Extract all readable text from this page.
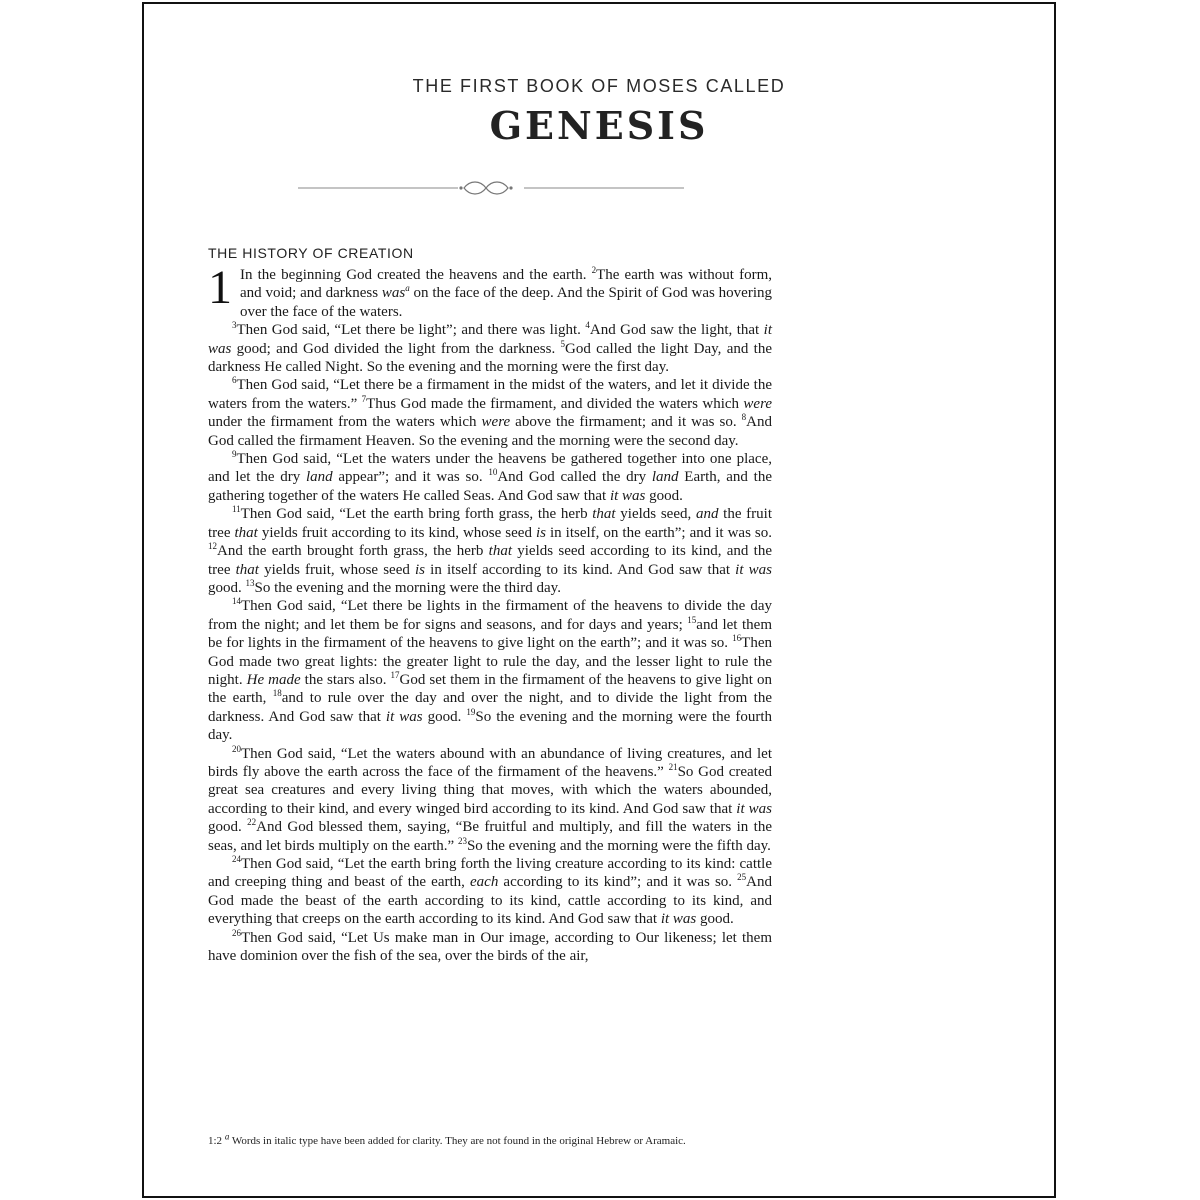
THE FIRST BOOK OF MOSES CALLED
GENESIS
THE HISTORY OF CREATION

1 In the beginning God created the heavens and the earth. $^2$The earth was without form, and void; and darkness was$^a$ on the face of the deep. And the Spirit of God was hovering over the face of the waters.

$^3$Then God said, “Let there be light”; and there was light. $^4$And God saw the light, that it was good; and God divided the light from the darkness. $^5$God called the light Day, and the darkness He called Night. So the evening and the morning were the first day.

$^6$Then God said, “Let there be a firmament in the midst of the waters, and let it divide the waters from the waters.” $^7$Thus God made the firmament, and divided the waters which were under the firmament from the waters which were above the firmament; and it was so. $^8$And God called the firmament Heaven. So the evening and the morning were the second day.

$^9$Then God said, “Let the waters under the heavens be gathered together into one place, and let the dry land appear”; and it was so. $^{10}$And God called the dry land Earth, and the gathering together of the waters He called Seas. And God saw that it was good.

$^{11}$Then God said, “Let the earth bring forth grass, the herb that yields seed, and the fruit tree that yields fruit according to its kind, whose seed is in itself, on the earth”; and it was so. $^{12}$And the earth brought forth grass, the herb that yields seed according to its kind, and the tree that yields fruit, whose seed is in itself according to its kind. And God saw that it was good. $^{13}$So the evening and the morning were the third day.

$^{14}$Then God said, “Let there be lights in the firmament of the heavens to divide the day from the night; and let them be for signs and seasons, and for days and years; $^{15}$and let them be for lights in the firmament of the heavens to give light on the earth”; and it was so. $^{16}$Then God made two great lights: the greater light to rule the day, and the lesser light to rule the night. He made the stars also. $^{17}$God set them in the firmament of the heavens to give light on the earth, $^{18}$and to rule over the day and over the night, and to divide the light from the darkness. And God saw that it was good. $^{19}$So the evening and the morning were the fourth day.

$^{20}$Then God said, “Let the waters abound with an abundance of living creatures, and let birds fly above the earth across the face of the firmament of the heavens.” $^{21}$So God created great sea creatures and every living thing that moves, with which the waters abounded, according to their kind, and every winged bird according to its kind. And God saw that it was good. $^{22}$And God blessed them, saying, “Be fruitful and multiply, and fill the waters in the seas, and let birds multiply on the earth.” $^{23}$So the evening and the morning were the fifth day.

$^{24}$Then God said, “Let the earth bring forth the living creature according to its kind: cattle and creeping thing and beast of the earth, each according to its kind”; and it was so. $^{25}$And God made the beast of the earth according to its kind, cattle according to its kind, and everything that creeps on the earth according to its kind. And God saw that it was good.

$^{26}$Then God said, “Let Us make man in Our image, according to Our likeness; let them have dominion over the fish of the sea, over the birds of the air,

1:2 $^a$ Words in italic type have been added for clarity. They are not found in the original Hebrew or Aramaic.
